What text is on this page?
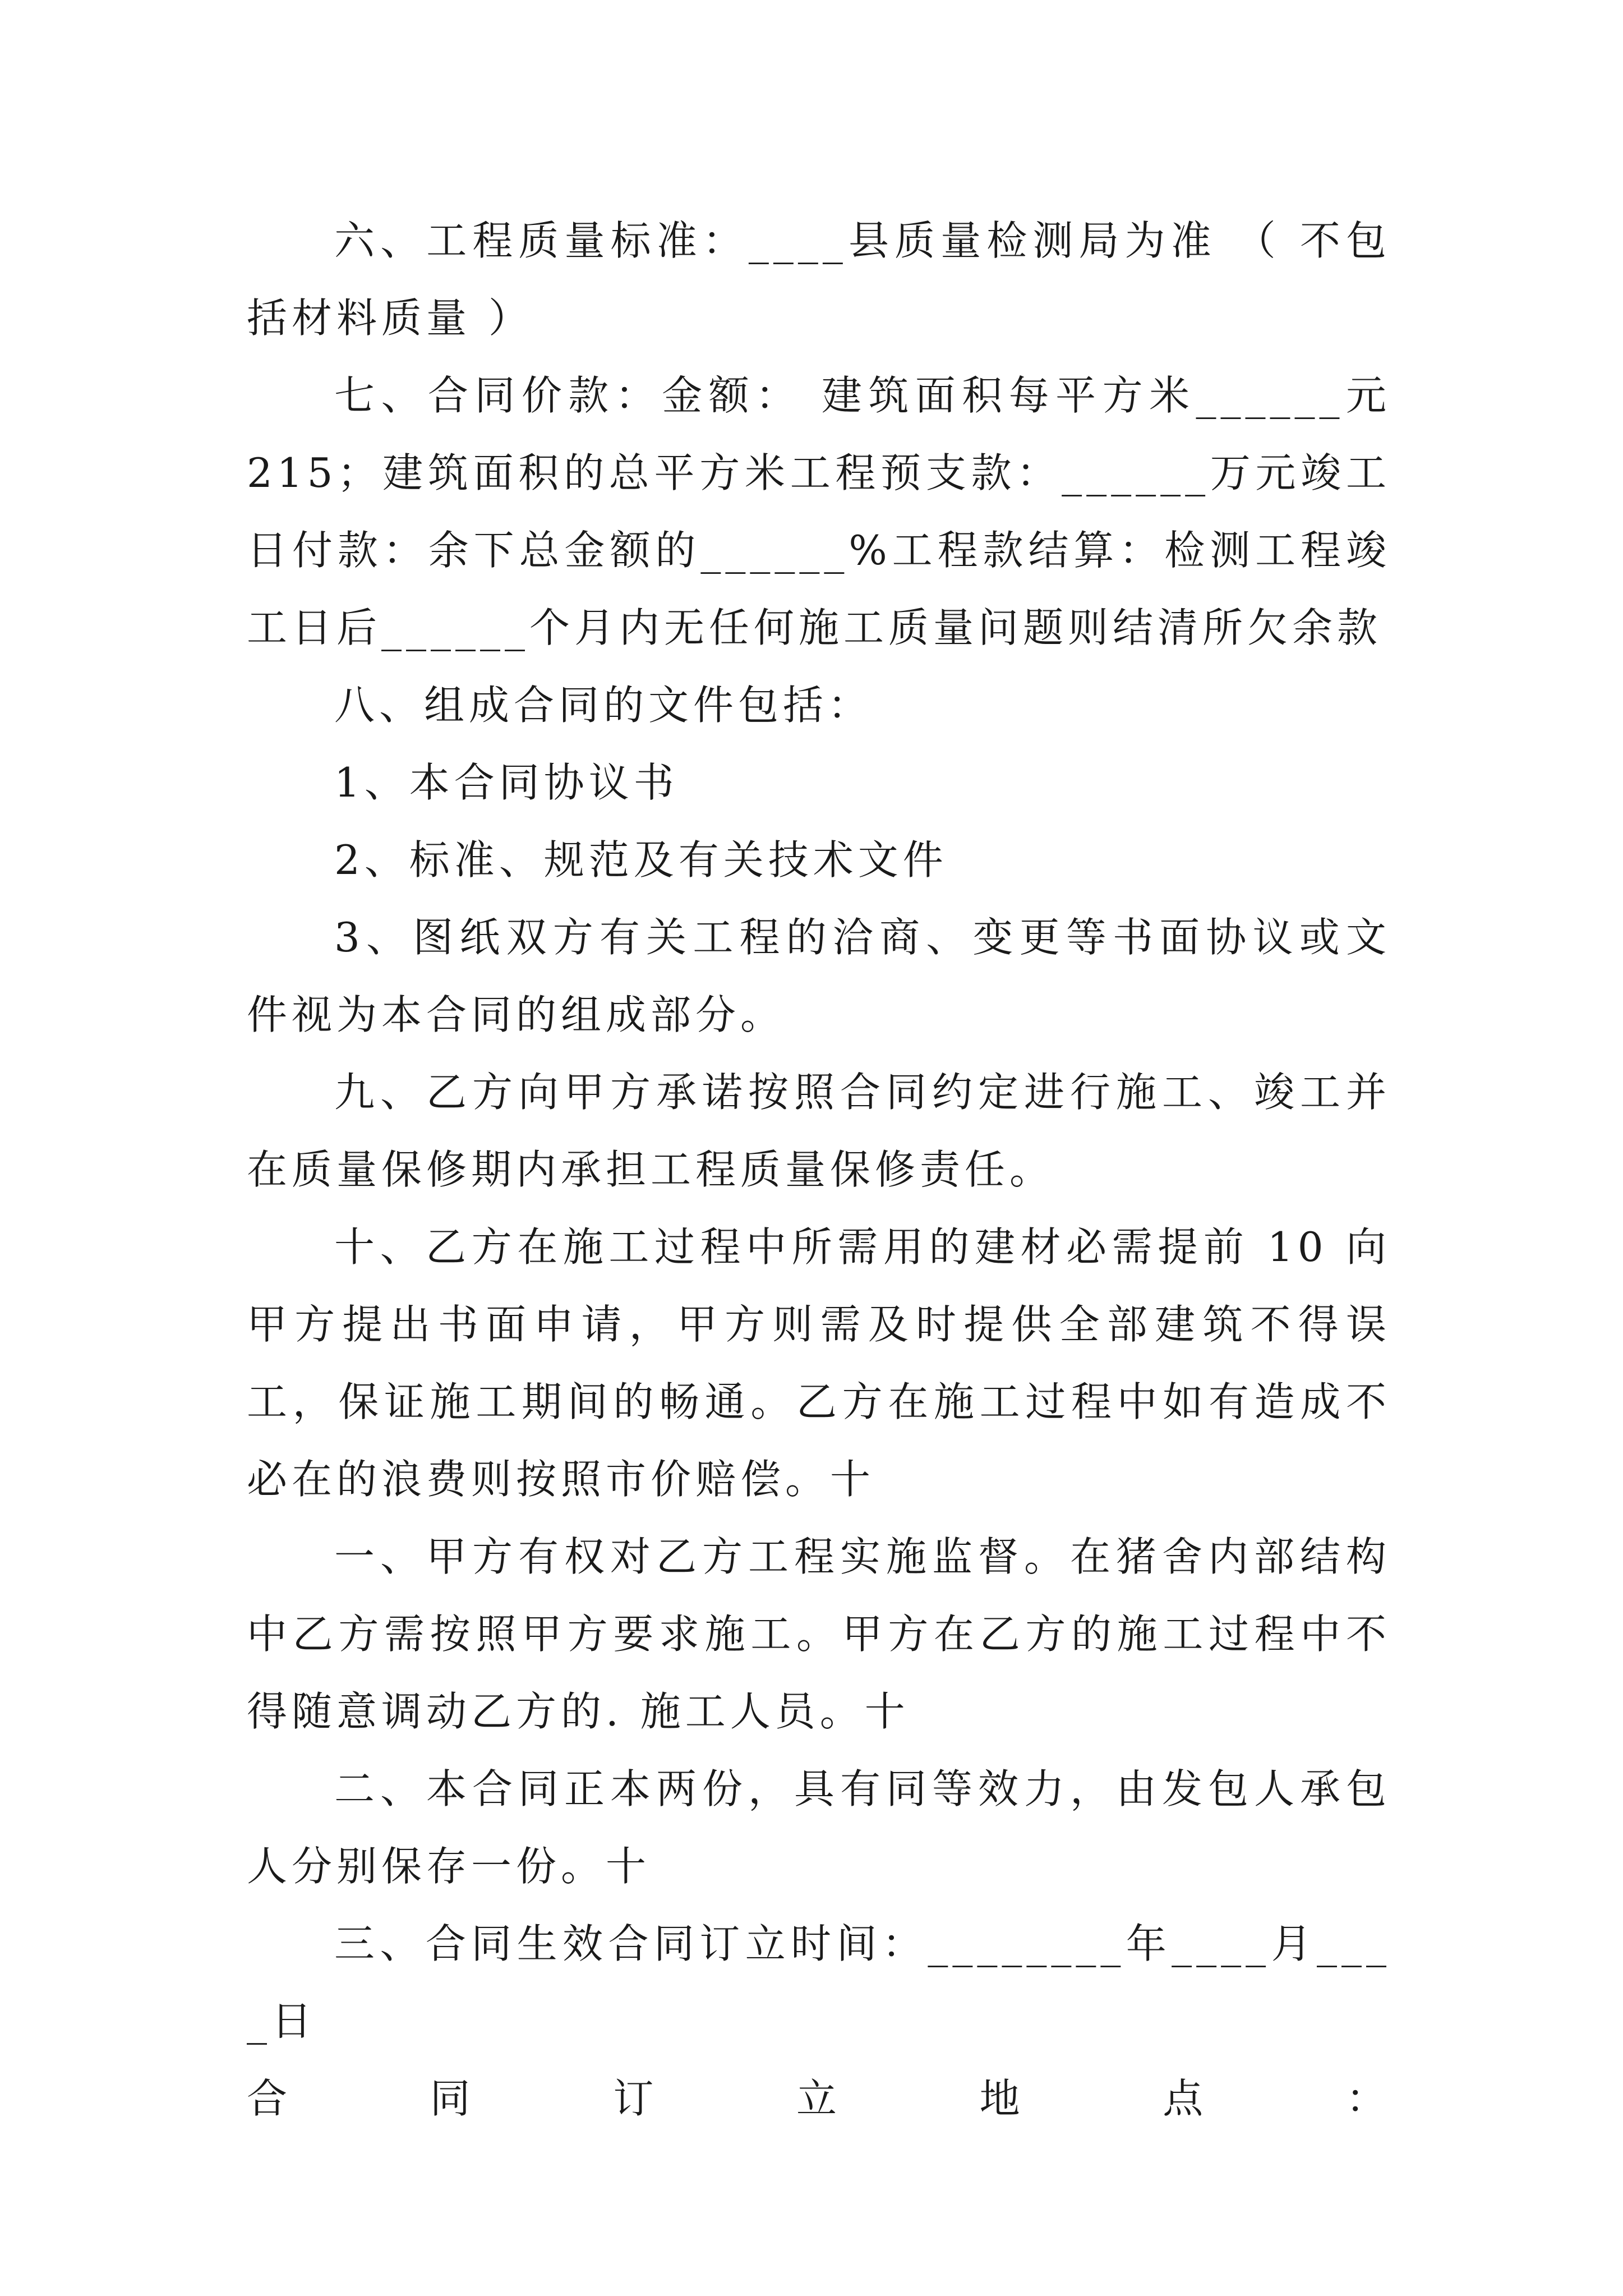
六、工程质量标准：____县质量检测局为准 （ 不包括材料质量 ）

七、合同价款：金额： 建筑面积每平方米______元 215；建筑面积的总平方米工程预支款：______万元竣工日付款：余下总金额的______%工程款结算：检测工程竣工日后______个月内无任何施工质量问题则结清所欠余款

八、组成合同的文件包括：

1、本合同协议书

2、标准、规范及有关技术文件

3、图纸双方有关工程的洽商、变更等书面协议或文件视为本合同的组成部分。

九、乙方向甲方承诺按照合同约定进行施工、竣工并在质量保修期内承担工程质量保修责任。

十、乙方在施工过程中所需用的建材必需提前 10 向甲方提出书面申请，甲方则需及时提供全部建筑不得误工，保证施工期间的畅通。乙方在施工过程中如有造成不必在的浪费则按照市价赔偿。十

一、甲方有权对乙方工程实施监督。在猪舍内部结构中乙方需按照甲方要求施工。甲方在乙方的施工过程中不得随意调动乙方的. 施工人员。十

二、本合同正本两份，具有同等效力，由发包人承包人分别保存一份。十

三、合同生效合同订立时间：________年____月____日

合	同	订	立	地	点	：
